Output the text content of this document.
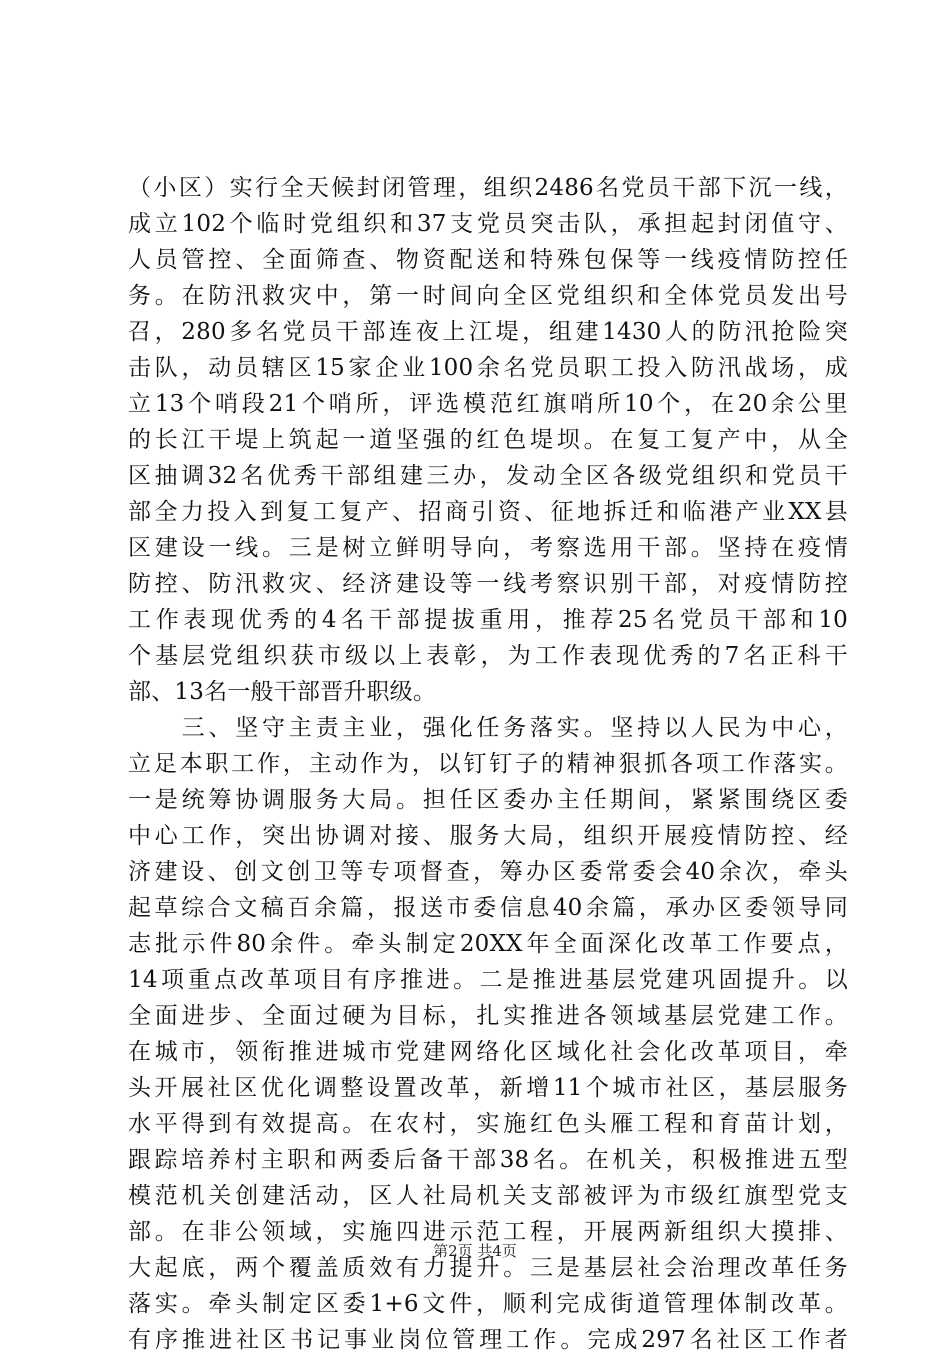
（小区）实行全天候封闭管理，组织2486名党员干部下沉一线，
成立102个临时党组织和37支党员突击队，承担起封闭值守、
人员管控、全面筛查、物资配送和特殊包保等一线疫情防控任
务。在防汛救灾中，第一时间向全区党组织和全体党员发出号
召，280多名党员干部连夜上江堤，组建1430人的防汛抢险突
击队，动员辖区15家企业100余名党员职工投入防汛战场，成
立13个哨段21个哨所，评选模范红旗哨所10个，在20余公里
的长江干堤上筑起一道坚强的红色堤坝。在复工复产中，从全
区抽调32名优秀干部组建三办，发动全区各级党组织和党员干
部全力投入到复工复产、招商引资、征地拆迁和临港产业XX县
区建设一线。三是树立鲜明导向，考察选用干部。坚持在疫情
防控、防汛救灾、经济建设等一线考察识别干部，对疫情防控
工作表现优秀的4名干部提拔重用，推荐25名党员干部和10
个基层党组织获市级以上表彰，为工作表现优秀的7名正科干
部、13名一般干部晋升职级。
　　三、坚守主责主业，强化任务落实。坚持以人民为中心，
立足本职工作，主动作为，以钉钉子的精神狠抓各项工作落实。
一是统筹协调服务大局。担任区委办主任期间，紧紧围绕区委
中心工作，突出协调对接、服务大局，组织开展疫情防控、经
济建设、创文创卫等专项督查，筹办区委常委会40余次，牵头
起草综合文稿百余篇，报送市委信息40余篇，承办区委领导同
志批示件80余件。牵头制定20XX年全面深化改革工作要点，
14项重点改革项目有序推进。二是推进基层党建巩固提升。以
全面进步、全面过硬为目标，扎实推进各领域基层党建工作。
在城市，领衔推进城市党建网络化区域化社会化改革项目，牵
头开展社区优化调整设置改革，新增11个城市社区，基层服务
水平得到有效提高。在农村，实施红色头雁工程和育苗计划，
跟踪培养村主职和两委后备干部38名。在机关，积极推进五型
模范机关创建活动，区人社局机关支部被评为市级红旗型党支
部。在非公领域，实施四进示范工程，开展两新组织大摸排、
大起底，两个覆盖质效有力提升。三是基层社会治理改革任务
落实。牵头制定区委1+6文件，顺利完成街道管理体制改革。
有序推进社区书记事业岗位管理工作。完成297名社区工作者
第2页 共4页
